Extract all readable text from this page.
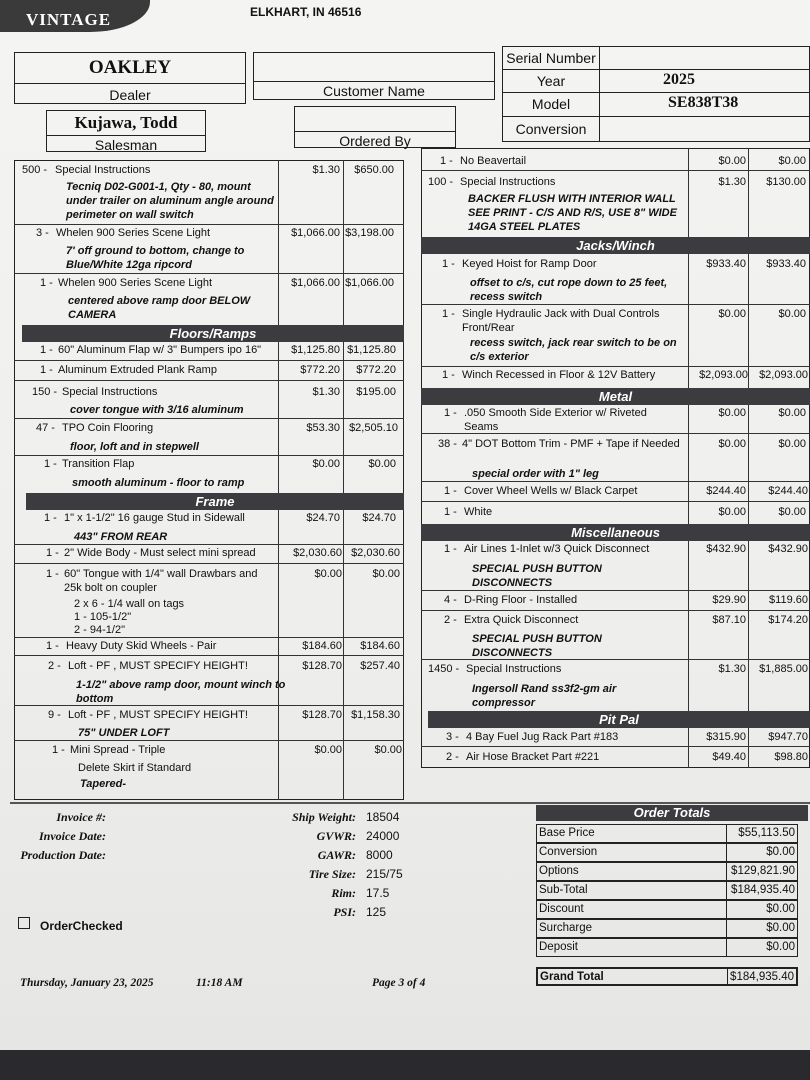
VINTAGE	ELKHART, IN 46516
OAKLEY
Dealer	Customer Name
Kujawa, Todd
Salesman	Ordered By
Serial Number
Year	2025
Model	SE838T38
Conversion
500 - Special Instructions	$1.30	$650.00
Tecniq D02-G001-1, Qty - 80, mount under trailer on aluminum angle around perimeter on wall switch
3 - Whelen 900 Series Scene Light	$1,066.00 $3,198.00
7' off ground to bottom, change to Blue/White 12ga ripcord
1 - Whelen 900 Series Scene Light	$1,066.00 $1,066.00
centered above ramp door BELOW CAMERA
Floors/Ramps
1 - 60" Aluminum Flap w/ 3" Bumpers ipo 16"	$1,125.80 $1,125.80
1 - Aluminum Extruded Plank Ramp	$772.20	$772.20
150 - Special Instructions	$1.30	$195.00
cover tongue with 3/16 aluminum
47 - TPO Coin Flooring	$53.30 $2,505.10
floor, loft and in stepwell
1 - Transition Flap	$0.00	$0.00
smooth aluminum - floor to ramp
Frame
1 - 1" x 1-1/2" 16 gauge Stud in Sidewall	$24.70	$24.70
443" FROM REAR
1 - 2" Wide Body - Must select mini spread	$2,030.60 $2,030.60
1 - 60" Tongue with 1/4" wall Drawbars and 25k bolt on coupler
$0.00	$0.00
2 x 6 - 1/4 wall on tags
1 - 105-1/2"
2 - 94-1/2"
1 - Heavy Duty Skid Wheels - Pair	$184.60	$184.60
2 - Loft - PF , MUST SPECIFY HEIGHT!	$128.70	$257.40
1-1/2" above ramp door, mount winch to bottom
9 - Loft - PF , MUST SPECIFY HEIGHT!	$128.70 $1,158.30
75" UNDER LOFT
1 - Mini Spread - Triple	$0.00	$0.00
Delete Skirt if Standard
Tapered-
1 - No Beavertail	$0.00	$0.00
100 - Special Instructions	$1.30	$130.00
BACKER FLUSH WITH INTERIOR WALL SEE PRINT - C/S AND R/S, USE 8" WIDE 14GA STEEL PLATES
Jacks/Winch
1 - Keyed Hoist for Ramp Door	$933.40	$933.40
offset to c/s, cut rope down to 25 feet, recess switch
1 - Single Hydraulic Jack with Dual Controls Front/Rear
$0.00	$0.00
recess switch, jack rear switch to be on c/s exterior
1 - Winch Recessed in Floor & 12V Battery	$2,093.00	$2,093.00
Metal
1 - .050 Smooth Side Exterior w/ Riveted Seams
$0.00	$0.00
38 - 4" DOT Bottom Trim - PMF + Tape if Needed	$0.00	$0.00
special order with 1" leg
1 - Cover Wheel Wells w/ Black Carpet	$244.40	$244.40
1 - White	$0.00	$0.00
Miscellaneous
1 - Air Lines 1-Inlet w/3 Quick Disconnect	$432.90	$432.90
SPECIAL PUSH BUTTON DISCONNECTS
4 - D-Ring Floor - Installed	$29.90	$119.60
2 - Extra Quick Disconnect	$87.10	$174.20
SPECIAL PUSH BUTTON DISCONNECTS
1450 - Special Instructions	$1.30	$1,885.00
Ingersoll Rand ss3f2-gm air compressor
Pit Pal
3 - 4 Bay Fuel Jug Rack Part #183	$315.90	$947.70
2 - Air Hose Bracket Part #221	$49.40	$98.80
Invoice #:
Invoice Date:
Production Date:
Ship Weight: 18504
GVWR: 24000
GAWR: 8000
Tire Size: 215/75
Rim: 17.5
PSI: 125
OrderChecked
Thursday, January 23, 2025	11:18 AM	Page 3 of 4
Order Totals
Base Price	$55,113.50
Conversion	$0.00
Options	$129,821.90
Sub-Total	$184,935.40
Discount	$0.00
Surcharge	$0.00
Deposit	$0.00
Grand Total	$184,935.40
